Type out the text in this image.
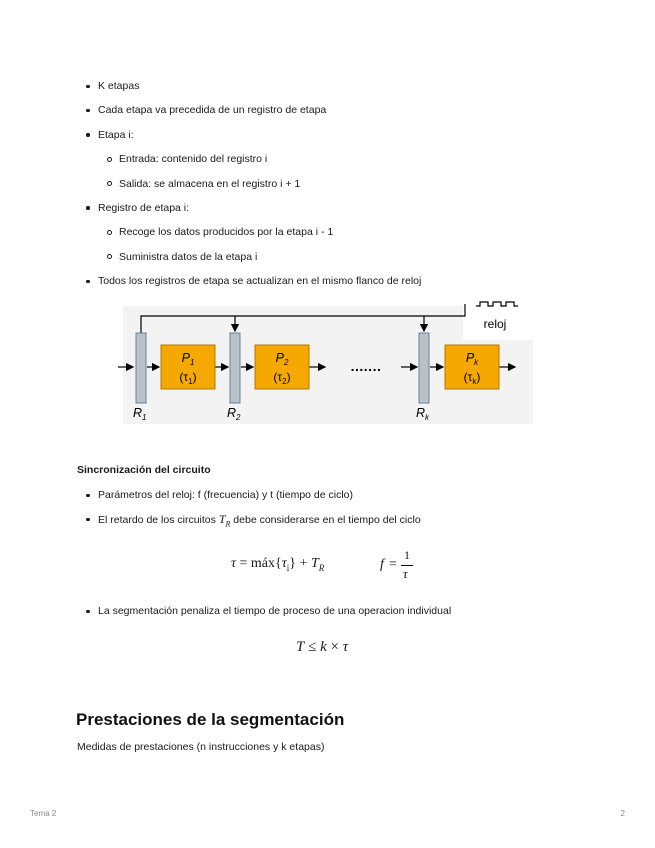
K etapas
Cada etapa va precedida de un registro de etapa
Etapa i:
Entrada: contenido del registro i
Salida: se almacena en el registro i + 1
Registro de etapa i:
Recoge los datos producidos por la etapa i - 1
Suministra datos de la etapa i
Todos los registros de etapa se actualizan en el mismo flanco de reloj
reloj
.......
$P_1$
$(\tau_1)$
$P_2$
$(\tau_2)$
$P_k$
$(\tau_k)$
$R_1$	$R_2$	$R_k$
Sincronización del circuito
Parámetros del reloj: f (frecuencia) y t (tiempo de ciclo)
El retardo de los circuitos $T_R$ debe considerarse en el tiempo del ciclo
$\tau = máx\{\tau_i\} + T_R$	f =
1
τ
La segmentación penaliza el tiempo de proceso de una operacion individual
T ≤ k × τ
Prestaciones de la segmentación
Medidas de prestaciones (n instrucciones y k etapas)
Tema 2	2
